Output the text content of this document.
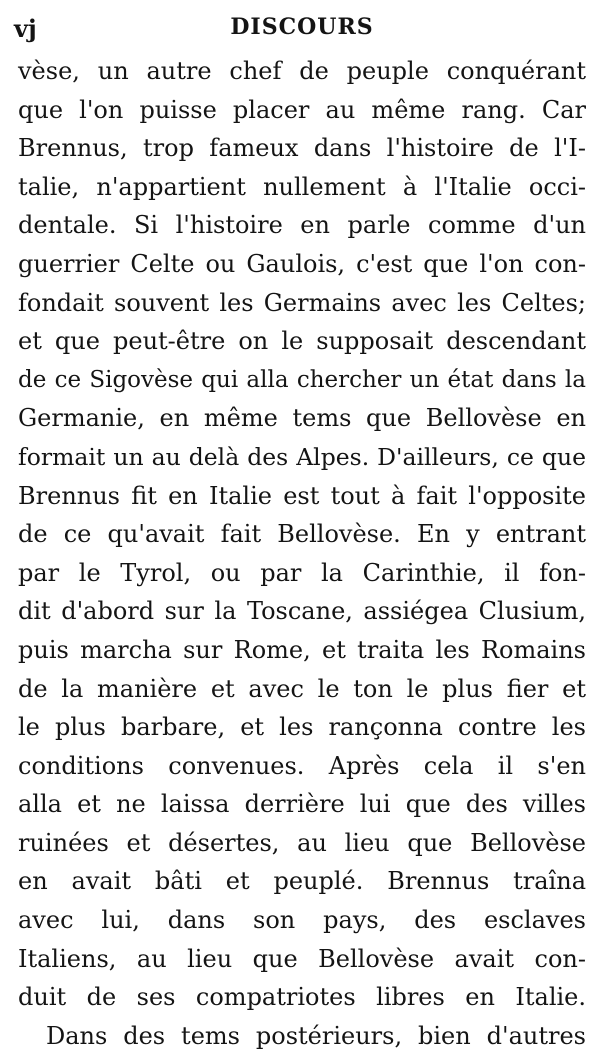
vj	DISCOURS
vèse, un autre chef de peuple conquérant
que l'on puisse placer au même rang. Car
Brennus, trop fameux dans l'histoire de l'I-
talie, n'appartient nullement à l'Italie occi-
dentale. Si l'histoire en parle comme d'un
guerrier Celte ou Gaulois, c'est que l'on con-
fondait souvent les Germains avec les Celtes;
et que peut-être on le supposait descendant
de ce Sigovèse qui alla chercher un état dans la
Germanie, en même tems que Bellovèse en
formait un au delà des Alpes. D'ailleurs, ce que
Brennus fit en Italie est tout à fait l'opposite
de ce qu'avait fait Bellovèse. En y entrant
par le Tyrol, ou par la Carinthie, il fon-
dit d'abord sur la Toscane, assiégea Clusium,
puis marcha sur Rome, et traita les Romains
de la manière et avec le ton le plus fier et
le plus barbare, et les rançonna contre les
conditions convenues. Après cela il s'en
alla et ne laissa derrière lui que des villes
ruinées et désertes, au lieu que Bellovèse
en avait bâti et peuplé. Brennus traîna
avec lui, dans son pays, des esclaves
Italiens, au lieu que Bellovèse avait con-
duit de ses compatriotes libres en Italie.
Dans des tems postérieurs, bien d'autres
